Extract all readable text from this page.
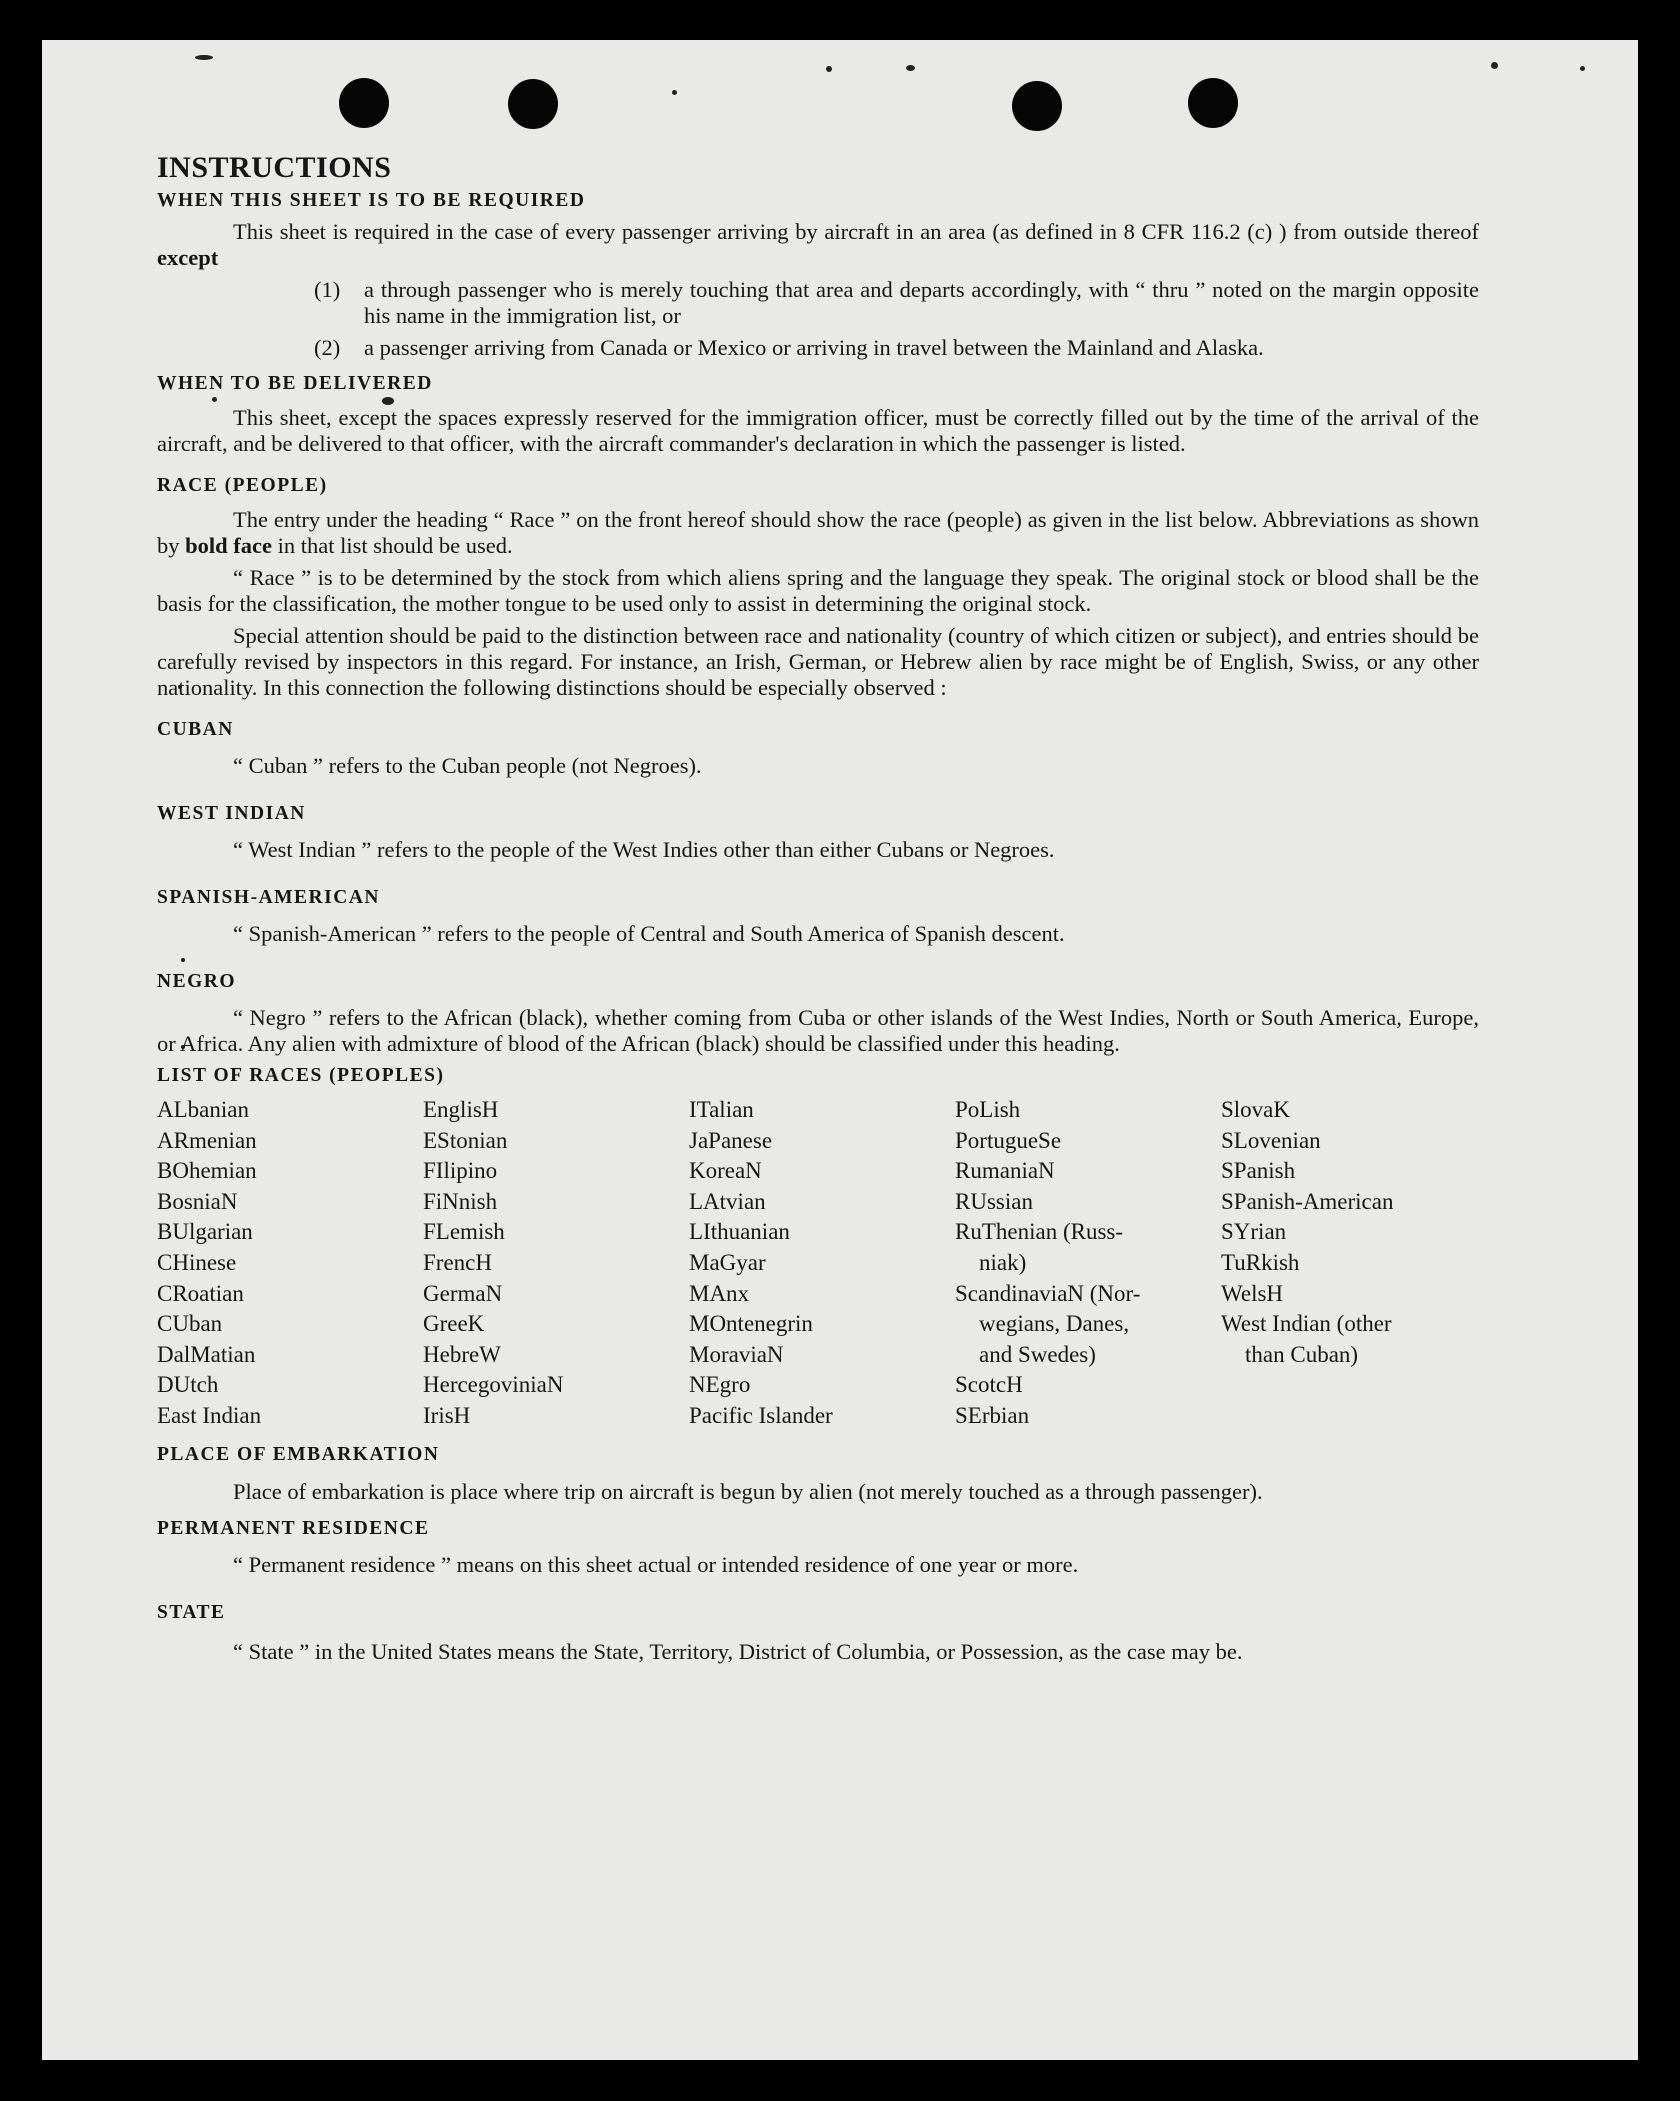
INSTRUCTIONS

WHEN THIS SHEET IS TO BE REQUIRED

This sheet is required in the case of every passenger arriving by aircraft in an area (as defined in 8 CFR 116.2 (c) ) from outside thereof except

(1)	a through passenger who is merely touching that area and departs accordingly, with “ thru ” noted on the margin opposite his name in the immigration list, or
(2)	a passenger arriving from Canada or Mexico or arriving in travel between the Mainland and Alaska.

WHEN TO BE DELIVERED

This sheet, except the spaces expressly reserved for the immigration officer, must be correctly filled out by the time of the arrival of the aircraft, and be delivered to that officer, with the aircraft commander's declaration in which the passenger is listed.

RACE (PEOPLE)

The entry under the heading “ Race ” on the front hereof should show the race (people) as given in the list below. Abbreviations as shown by bold face in that list should be used.

“ Race ” is to be determined by the stock from which aliens spring and the language they speak. The original stock or blood shall be the basis for the classification, the mother tongue to be used only to assist in determining the original stock.

Special attention should be paid to the distinction between race and nationality (country of which citizen or subject), and entries should be carefully revised by inspectors in this regard. For instance, an Irish, German, or Hebrew alien by race might be of English, Swiss, or any other nationality. In this connection the following distinctions should be especially observed :

CUBAN

“ Cuban ” refers to the Cuban people (not Negroes).

WEST INDIAN

“ West Indian ” refers to the people of the West Indies other than either Cubans or Negroes.

SPANISH-AMERICAN

“ Spanish-American ” refers to the people of Central and South America of Spanish descent.

NEGRO

“ Negro ” refers to the African (black), whether coming from Cuba or other islands of the West Indies, North or South America, Europe, or Africa. Any alien with admixture of blood of the African (black) should be classified under this heading.

LIST OF RACES (PEOPLES)

ALbanian
ARmenian
BOhemian
BosniaN
BUlgarian
CHinese
CRoatian
CUban
DalMatian
DUtch
East Indian
EnglisH
EStonian
FIlipino
FiNnish
FLemish
FrencH
GermaN
GreeK
HebreW
HercegoviniaN
IrisH
ITalian
JaPanese
KoreaN
LAtvian
LIthuanian
MaGyar
MAnx
MOntenegrin
MoraviaN
NEgro
Pacific Islander
PoLish
PortugueSe
RumaniaN
RUssian
RuThenian (Russ-
niak)
ScandinaviaN (Nor-
wegians, Danes,
and Swedes)
ScotcH
SErbian
SlovaK
SLovenian
SPanish
SPanish-American
SYrian
TuRkish
WelsH
West Indian (other
than Cuban)

PLACE OF EMBARKATION

Place of embarkation is place where trip on aircraft is begun by alien (not merely touched as a through passenger).

PERMANENT RESIDENCE

“ Permanent residence ” means on this sheet actual or intended residence of one year or more.

STATE

“ State ” in the United States means the State, Territory, District of Columbia, or Possession, as the case may be.
